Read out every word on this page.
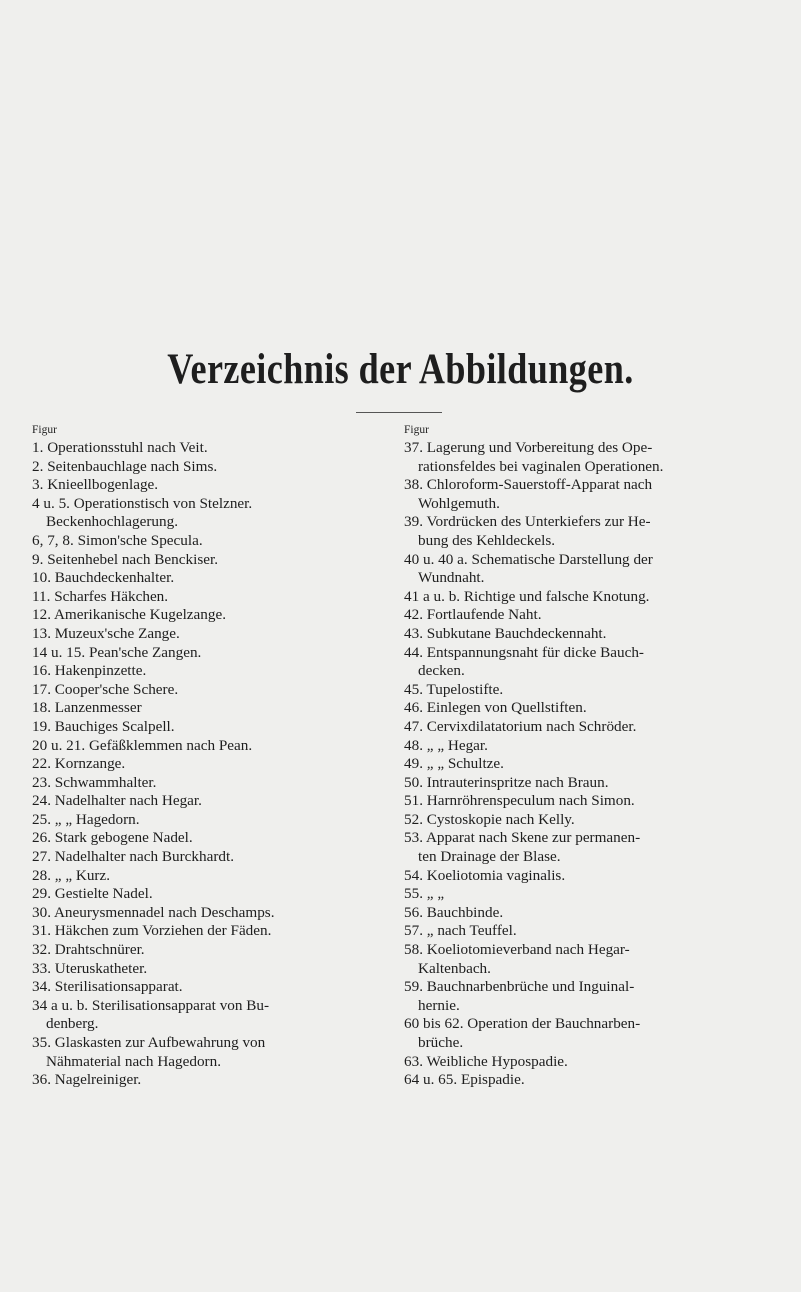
Verzeichnis der Abbildungen.
Figur
1. Operationsstuhl nach Veit.
2. Seitenbauchlage nach Sims.
3. Knieellbogenlage.
4 u. 5. Operationstisch von Stelzner.
Beckenhochlagerung.
6, 7, 8. Simon'sche Specula.
9. Seitenhebel nach Benckiser.
10. Bauchdeckenhalter.
11. Scharfes Häkchen.
12. Amerikanische Kugelzange.
13. Muzeux'sche Zange.
14 u. 15. Pean'sche Zangen.
16. Hakenpinzette.
17. Cooper'sche Schere.
18. Lanzenmesser
19. Bauchiges Scalpell.
20 u. 21. Gefäßklemmen nach Pean.
22. Kornzange.
23. Schwammhalter.
24. Nadelhalter nach Hegar.
25. „ „ Hagedorn.
26. Stark gebogene Nadel.
27. Nadelhalter nach Burckhardt.
28. „ „ Kurz.
29. Gestielte Nadel.
30. Aneurysmennadel nach Deschamps.
31. Häkchen zum Vorziehen der Fäden.
32. Drahtschnürer.
33. Uteruskatheter.
34. Sterilisationsapparat.
34 a u. b. Sterilisationsapparat von Bu-
denberg.
35. Glaskasten zur Aufbewahrung von
Nähmaterial nach Hagedorn.
36. Nagelreiniger.
Figur
37. Lagerung und Vorbereitung des Ope-
rationsfeldes bei vaginalen Operationen.
38. Chloroform-Sauerstoff-Apparat nach
Wohlgemuth.
39. Vordrücken des Unterkiefers zur He-
bung des Kehldeckels.
40 u. 40 a. Schematische Darstellung der
Wundnaht.
41 a u. b. Richtige und falsche Knotung.
42. Fortlaufende Naht.
43. Subkutane Bauchdeckennaht.
44. Entspannungsnaht für dicke Bauch-
decken.
45. Tupelostifte.
46. Einlegen von Quellstiften.
47. Cervixdilatatorium nach Schröder.
48. „ „ Hegar.
49. „ „ Schultze.
50. Intrauterinspritze nach Braun.
51. Harnröhrenspeculum nach Simon.
52. Cystoskopie nach Kelly.
53. Apparat nach Skene zur permanen-
ten Drainage der Blase.
54. Koeliotomia vaginalis.
55. „ „
56. Bauchbinde.
57. „ nach Teuffel.
58. Koeliotomieverband nach Hegar-
Kaltenbach.
59. Bauchnarbenbrüche und Inguinal-
hernie.
60 bis 62. Operation der Bauchnarben-
brüche.
63. Weibliche Hypospadie.
64 u. 65. Epispadie.
